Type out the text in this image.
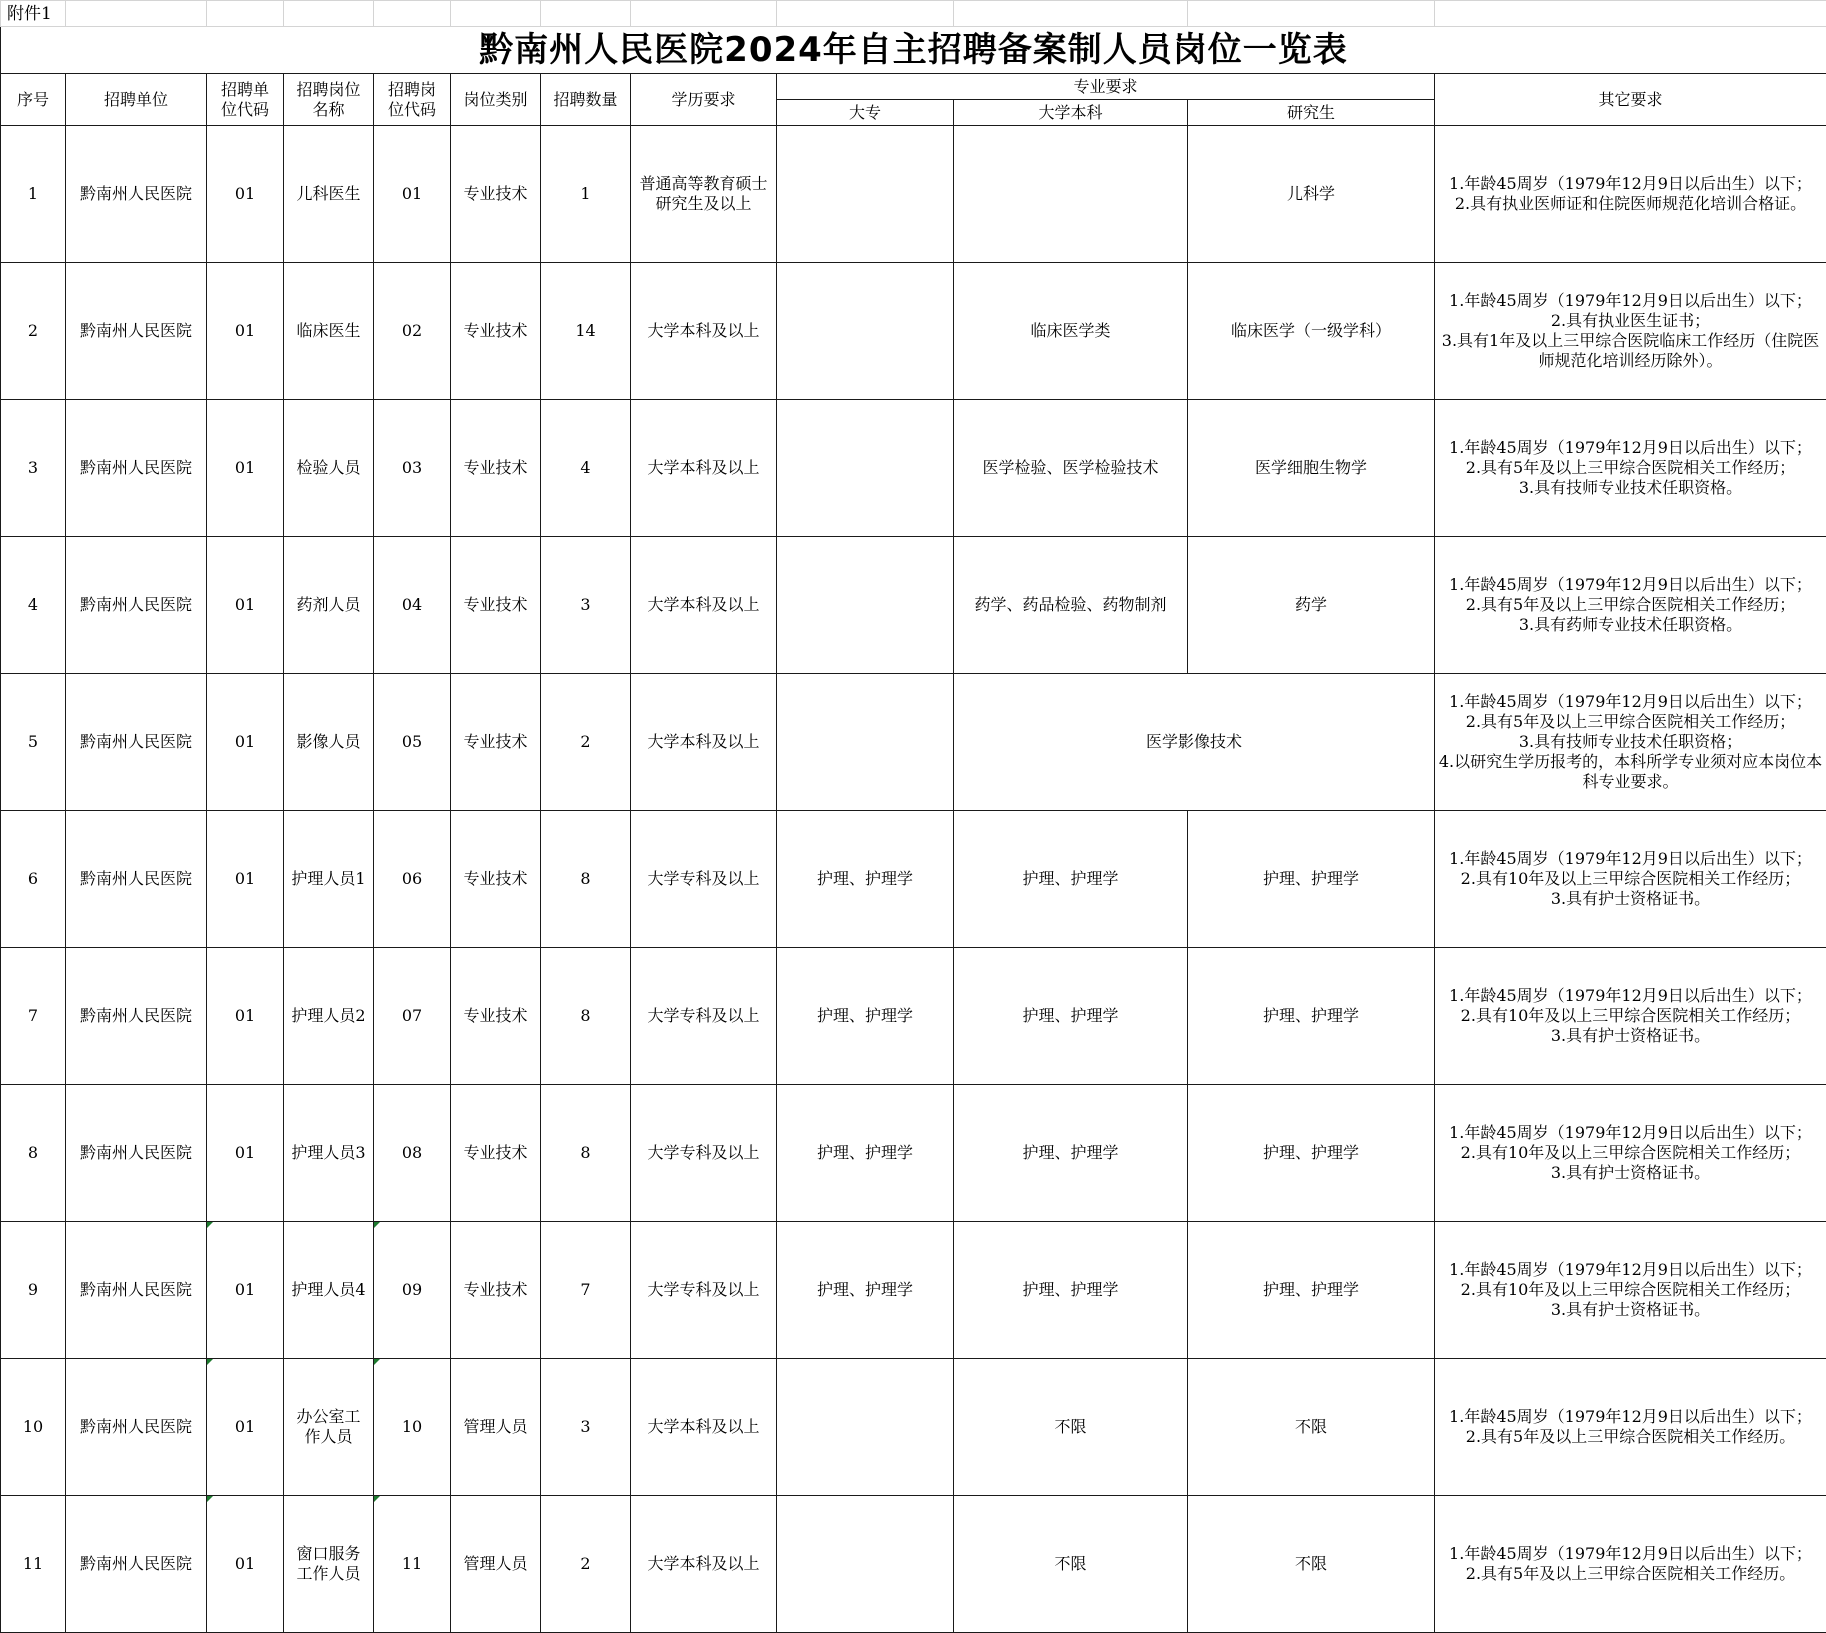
附件1											
黔南州人民医院2024年自主招聘备案制人员岗位一览表											
序号	招聘单位	招聘单
位代码	招聘岗位
名称	招聘岗
位代码	岗位类别	招聘数量	学历要求	专业要求			其它要求
								大专	大学本科	研究生	
1	黔南州人民医院	01	儿科医生	01	专业技术	1	普通高等教育硕士
研究生及以上			儿科学	1.年龄45周岁（1979年12月9日以后出生）以下；
2.具有执业医师证和住院医师规范化培训合格证。
2	黔南州人民医院	01	临床医生	02	专业技术	14	大学本科及以上		临床医学类	临床医学（一级学科）	1.年龄45周岁（1979年12月9日以后出生）以下；
2.具有执业医生证书；
3.具有1年及以上三甲综合医院临床工作经历（住院医师规范化培训经历除外）。
3	黔南州人民医院	01	检验人员	03	专业技术	4	大学本科及以上		医学检验、医学检验技术	医学细胞生物学	1.年龄45周岁（1979年12月9日以后出生）以下；
2.具有5年及以上三甲综合医院相关工作经历；
3.具有技师专业技术任职资格。
4	黔南州人民医院	01	药剂人员	04	专业技术	3	大学本科及以上		药学、药品检验、药物制剂	药学	1.年龄45周岁（1979年12月9日以后出生）以下；
2.具有5年及以上三甲综合医院相关工作经历；
3.具有药师专业技术任职资格。
5	黔南州人民医院	01	影像人员	05	专业技术	2	大学本科及以上		医学影像技术		1.年龄45周岁（1979年12月9日以后出生）以下；
2.具有5年及以上三甲综合医院相关工作经历；
3.具有技师专业技术任职资格；
4.以研究生学历报考的，本科所学专业须对应本岗位本科专业要求。
6	黔南州人民医院	01	护理人员1	06	专业技术	8	大学专科及以上	护理、护理学	护理、护理学	护理、护理学	1.年龄45周岁（1979年12月9日以后出生）以下；
2.具有10年及以上三甲综合医院相关工作经历；
3.具有护士资格证书。
7	黔南州人民医院	01	护理人员2	07	专业技术	8	大学专科及以上	护理、护理学	护理、护理学	护理、护理学	1.年龄45周岁（1979年12月9日以后出生）以下；
2.具有10年及以上三甲综合医院相关工作经历；
3.具有护士资格证书。
8	黔南州人民医院	01	护理人员3	08	专业技术	8	大学专科及以上	护理、护理学	护理、护理学	护理、护理学	1.年龄45周岁（1979年12月9日以后出生）以下；
2.具有10年及以上三甲综合医院相关工作经历；
3.具有护士资格证书。
9	黔南州人民医院	01	护理人员4	09	专业技术	7	大学专科及以上	护理、护理学	护理、护理学	护理、护理学	1.年龄45周岁（1979年12月9日以后出生）以下；
2.具有10年及以上三甲综合医院相关工作经历；
3.具有护士资格证书。
10	黔南州人民医院	01	办公室工
作人员	10	管理人员	3	大学本科及以上		不限	不限	1.年龄45周岁（1979年12月9日以后出生）以下；
2.具有5年及以上三甲综合医院相关工作经历。
11	黔南州人民医院	01	窗口服务
工作人员	11	管理人员	2	大学本科及以上		不限	不限	1.年龄45周岁（1979年12月9日以后出生）以下；
2.具有5年及以上三甲综合医院相关工作经历。
